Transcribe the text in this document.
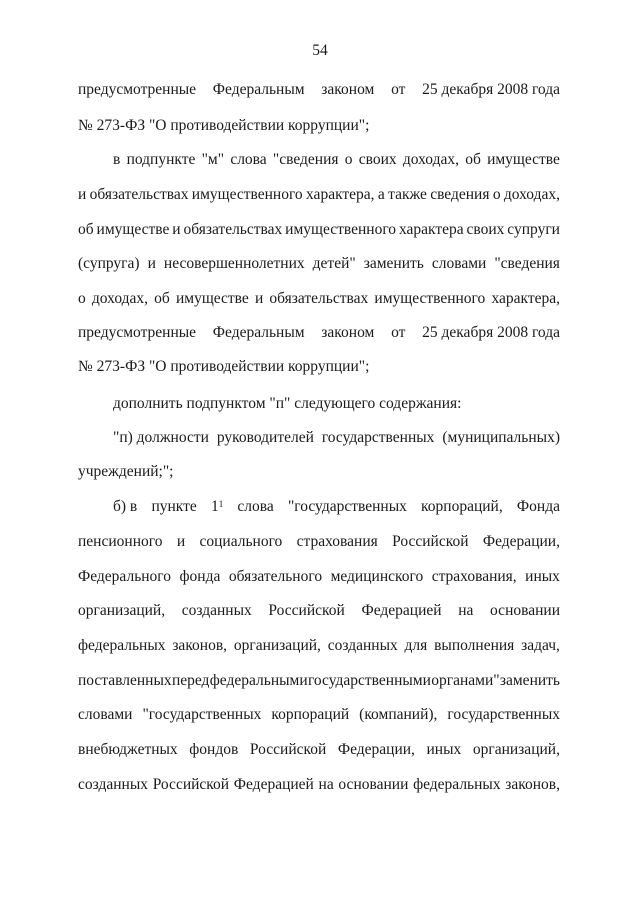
54
предусмотренные Федеральным законом от 25 декабря 2008 года
№ 273-ФЗ "О противодействии коррупции";
в подпункте "м" слова "сведения о своих доходах, об имуществе
и обязательствах имущественного характера, а также сведения о доходах,
об имуществе и обязательствах имущественного характера своих супруги
(супруга) и несовершеннолетних детей" заменить словами "сведения
о доходах, об имуществе и обязательствах имущественного характера,
предусмотренные Федеральным законом от 25 декабря 2008 года
№ 273-ФЗ "О противодействии коррупции";
дополнить подпунктом "п" следующего содержания:
"п) должности руководителей государственных (муниципальных)
учреждений;";
б) в пункте $1^1$ слова "государственных корпораций, Фонда
пенсионного и социального страхования Российской Федерации,
Федерального фонда обязательного медицинского страхования, иных
организаций, созданных Российской Федерацией на основании
федеральных законов, организаций, созданных для выполнения задач,
поставленных перед федеральными государственными органами" заменить
словами "государственных корпораций (компаний), государственных
внебюджетных фондов Российской Федерации, иных организаций,
созданных Российской Федерацией на основании федеральных законов,
